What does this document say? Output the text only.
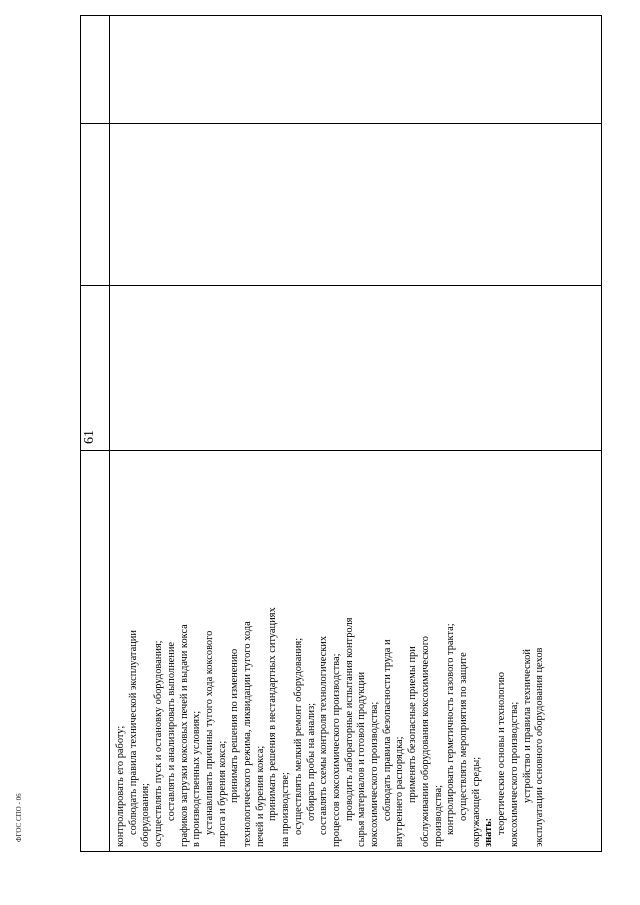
контролировать его работу; соблюдать правила технической эксплуатации оборудования; осуществлять пуск и остановку оборудования; составлять и анализировать выполнение графиков загрузки коксовых печей и выдачи кокса в производственных условиях; устанавливать причины тугого хода коксового пирога и бурения кокса; принимать решения по изменению технологического режима, ликвидации тугого хода печей и бурения кокса; принимать решения в нестандартных ситуациях на производстве; осуществлять мелкий ремонт оборудования; отбирать пробы на анализ; составлять схемы контроля технологических процессов коксохимического производства; проводить лабораторные испытания контроля сырья материалов и готовой продукции коксохимического производства; соблюдать правила безопасности труда и внутреннего распорядка; применять безопасные приемы при обслуживании оборудования коксохимического производства; контролировать герметичность газового тракта; осуществлять мероприятия по защите окружающей среды; знать: теоретические основы и технологию коксохимического производства; устройство и правила технической эксплуатации основного оборудования цехов

61
ФГОС СПО - 06
